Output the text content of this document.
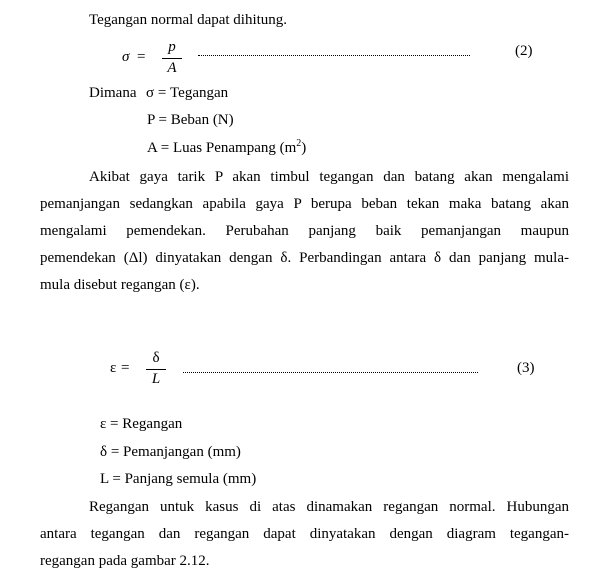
Tegangan normal dapat dihitung.
σ =
p
A
(2)
Dimana σ = Tegangan
P = Beban (N)
A = Luas Penampang $(m^2)$
Akibat gaya tarik P akan timbul tegangan dan batang akan mengalami
pemanjangan sedangkan apabila gaya P berupa beban tekan maka batang akan
mengalami pemendekan. Perubahan panjang baik pemanjangan maupun
pemendekan (Δl) dinyatakan dengan δ. Perbandingan antara δ dan panjang mula-
mula disebut regangan (ε).
ε =
δ
L
(3)
ε = Regangan
δ = Pemanjangan (mm)
L = Panjang semula (mm)
Regangan untuk kasus di atas dinamakan regangan normal. Hubungan
antara tegangan dan regangan dapat dinyatakan dengan diagram tegangan-
regangan pada gambar 2.12.
